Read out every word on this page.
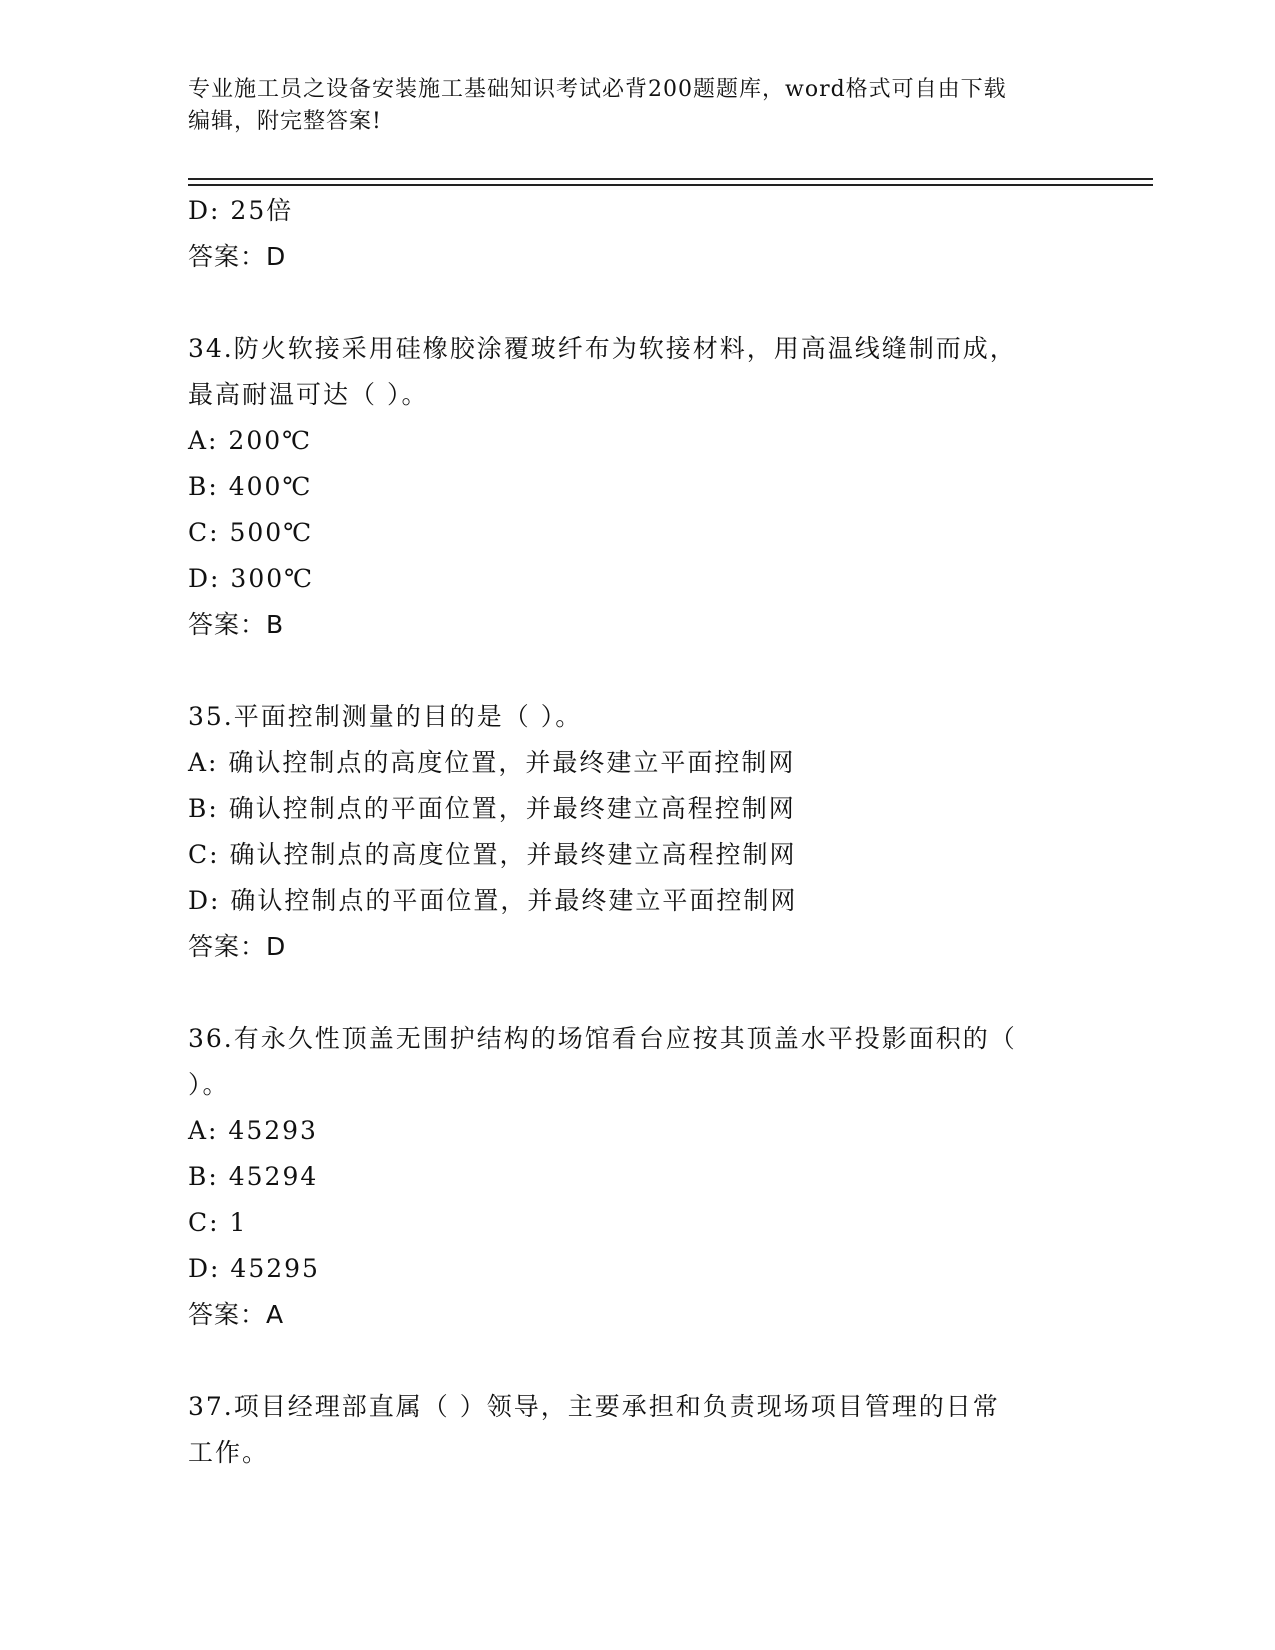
专业施工员之设备安装施工基础知识考试必背200题题库，word格式可自由下载
编辑，附完整答案!
D: 25倍
答案：D
34.防火软接采用硅橡胶涂覆玻纤布为软接材料，用高温线缝制而成，
最高耐温可达（ ）。
A: 200℃
B: 400℃
C: 500℃
D: 300℃
答案：B
35.平面控制测量的目的是（ ）。
A: 确认控制点的高度位置，并最终建立平面控制网
B: 确认控制点的平面位置，并最终建立高程控制网
C: 确认控制点的高度位置，并最终建立高程控制网
D: 确认控制点的平面位置，并最终建立平面控制网
答案：D
36.有永久性顶盖无围护结构的场馆看台应按其顶盖水平投影面积的（
）。
A: 45293
B: 45294
C: 1
D: 45295
答案：A
37.项目经理部直属（ ）领导，主要承担和负责现场项目管理的日常
工作。
